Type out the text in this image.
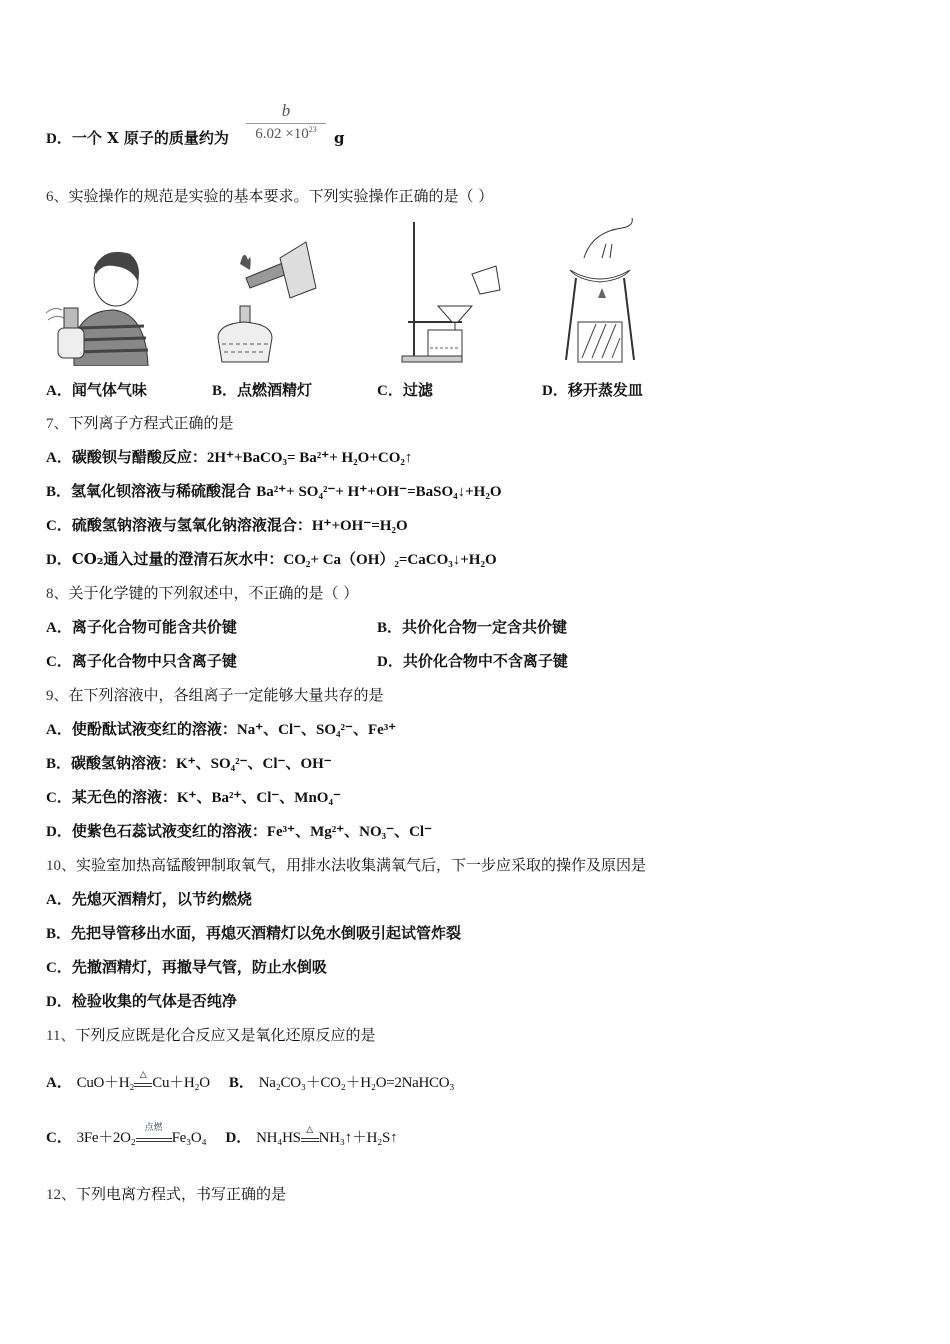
D．一个 X 原子的质量约为
b
$6.02 \times 10^{23}$	g
6、实验操作的规范是实验的基本要求。下列实验操作正确的是（ ）
A．闻气体气味	B．点燃酒精灯	C．过滤	D．移开蒸发皿
7、下列离子方程式正确的是
A．碳酸钡与醋酸反应：2H⁺+BaCO₃= Ba²⁺+ H₂O+CO₂↑
B．氢氧化钡溶液与稀硫酸混合 Ba²⁺+ SO₄²⁻+ H⁺+OH⁻=BaSO₄↓+H₂O
C．硫酸氢钠溶液与氢氧化钠溶液混合：H⁺+OH⁻=H₂O
D．CO₂通入过量的澄清石灰水中：CO₂+ Ca（OH）₂=CaCO₃↓+H₂O
8、关于化学键的下列叙述中，不正确的是（ ）
A．离子化合物可能含共价键	B．共价化合物一定含共价键
C．离子化合物中只含离子键	D．共价化合物中不含离子键
9、在下列溶液中，各组离子一定能够大量共存的是
A．使酚酞试液变红的溶液：Na⁺、Cl⁻、SO₄²⁻、Fe³⁺
B．碳酸氢钠溶液：K⁺、SO₄²⁻、Cl⁻、OH⁻
C．某无色的溶液：K⁺、Ba²⁺、Cl⁻、MnO₄⁻
D．使紫色石蕊试液变红的溶液：Fe³⁺、Mg²⁺、NO₃⁻、Cl⁻
10、实验室加热高锰酸钾制取氧气，用排水法收集满氧气后，下一步应采取的操作及原因是
A．先熄灭酒精灯，以节约燃烧
B．先把导管移出水面，再熄灭酒精灯以免水倒吸引起试管炸裂
C．先撤酒精灯，再撤导气管，防止水倒吸
D．检验收集的气体是否纯净
11、下列反应既是化合反应又是氧化还原反应的是
A． CuO＋H₂ △ Cu＋H₂O B． Na₂CO₃＋CO₂＋H₂O=2NaHCO₃
C． 3Fe＋2O₂
点燃
Fe₃O₄ D． NH₄HS △ NH₃↑＋H₂S↑
12、下列电离方程式，书写正确的是
